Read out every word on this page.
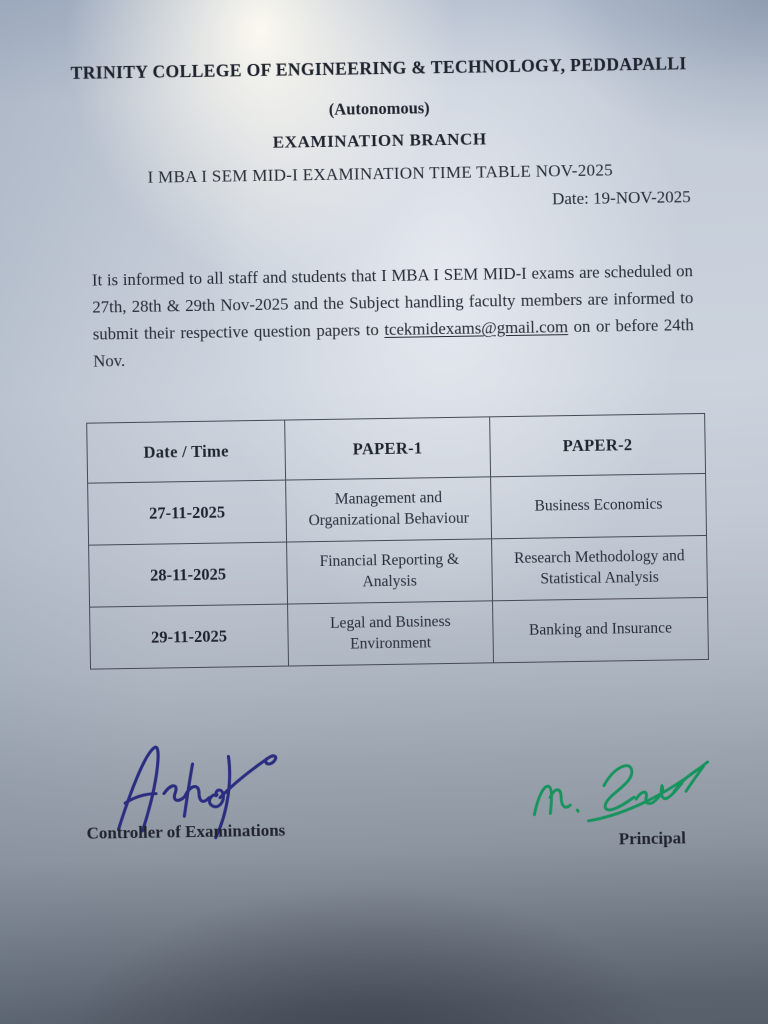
TRINITY COLLEGE OF ENGINEERING & TECHNOLOGY, PEDDAPALLI
(Autonomous)
EXAMINATION BRANCH
I MBA I SEM MID-I EXAMINATION TIME TABLE NOV-2025
Date: 19-NOV-2025

It is informed to all staff and students that I MBA I SEM MID-I exams are scheduled on 27th, 28th & 29th Nov-2025 and the Subject handling faculty members are informed to submit their respective question papers to tcekmidexams@gmail.com on or before 24th Nov.

Date / Time	PAPER-1	PAPER-2
27-11-2025	Management and Organizational Behaviour	Business Economics
28-11-2025	Financial Reporting & Analysis	Research Methodology and Statistical Analysis
29-11-2025	Legal and Business Environment	Banking and Insurance
Controller of Examinations	Principal
